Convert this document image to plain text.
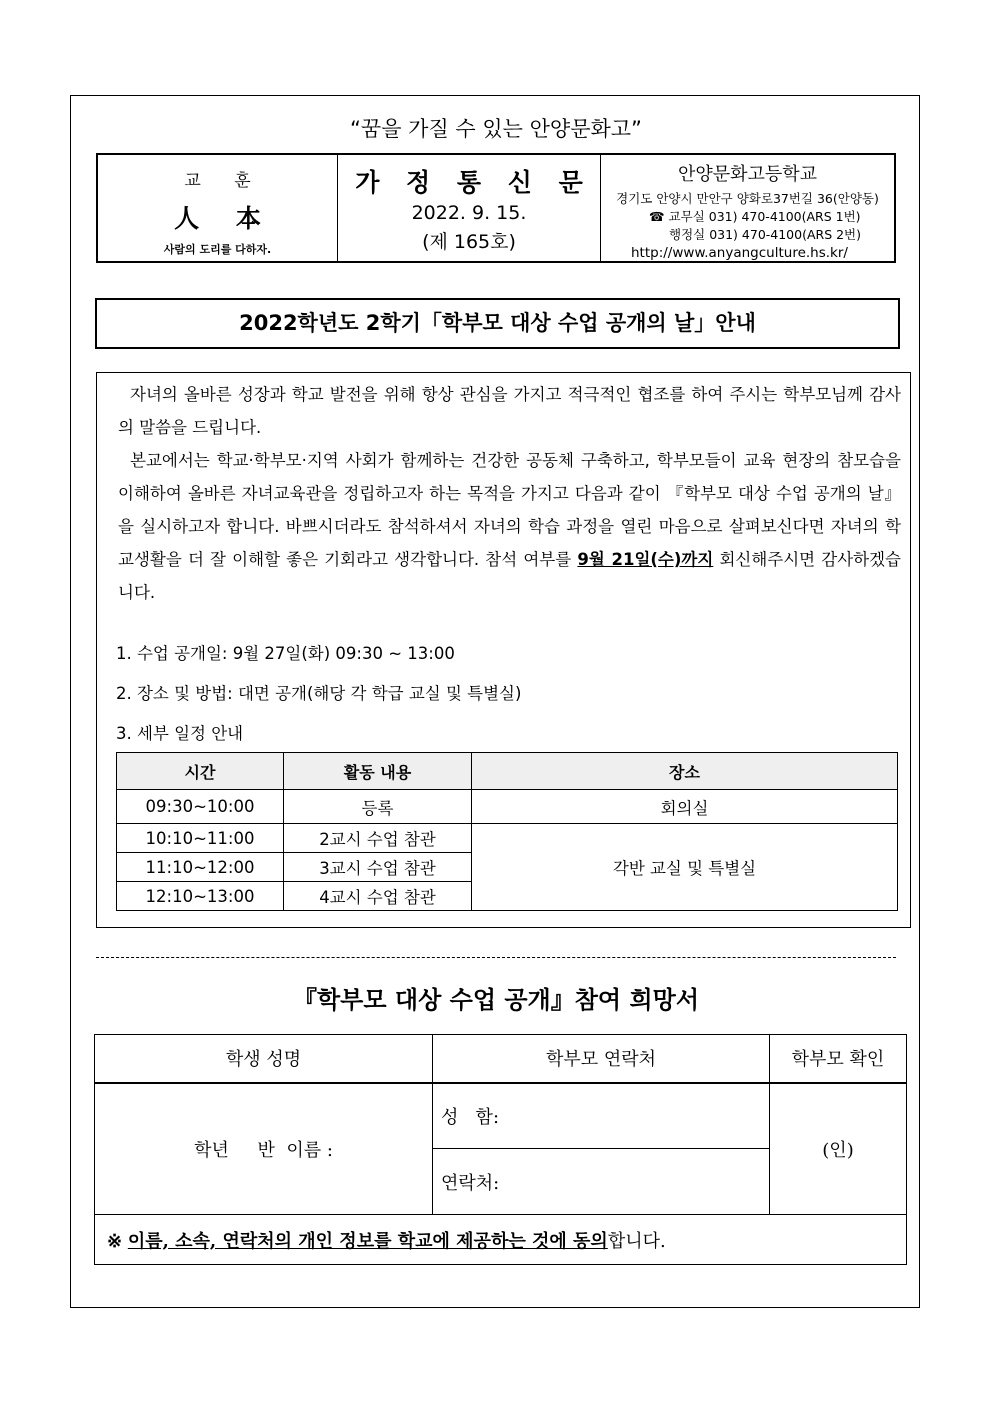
“꿈을 가질 수 있는 안양문화고”
교 훈
人 本
사람의 도리를 다하자.
가 정 통 신 문
2022. 9. 15.
(제 165호)
안양문화고등학교
경기도 안양시 만안구 양화로37번길 36(안양동)
☎ 교무실 031) 470-4100(ARS 1번)
행정실 031) 470-4100(ARS 2번)
http://www.anyangculture.hs.kr/
2022학년도 2학기「학부모 대상 수업 공개의 날」안내

자녀의 올바른 성장과 학교 발전을 위해 항상 관심을 가지고 적극적인 협조를 하여 주시는 학부모님께 감사의 말씀을 드립니다.

본교에서는 학교·학부모·지역 사회가 함께하는 건강한 공동체 구축하고, 학부모들이 교육 현장의 참모습을 이해하여 올바른 자녀교육관을 정립하고자 하는 목적을 가지고 다음과 같이 『학부모 대상 수업 공개의 날』을 실시하고자 합니다. 바쁘시더라도 참석하셔서 자녀의 학습 과정을 열린 마음으로 살펴보신다면 자녀의 학교생활을 더 잘 이해할 좋은 기회라고 생각합니다. 참석 여부를 9월 21일(수)까지 회신해주시면 감사하겠습니다.

1. 수업 공개일: 9월 27일(화) 09:30 ~ 13:00
2. 장소 및 방법: 대면 공개(해당 각 학급 교실 및 특별실)
3. 세부 일정 안내
시간	활동 내용	장소
09:30~10:00	등록	회의실
10:10~11:00	2교시 수업 참관	각반 교실 및 특별실
11:10~12:00	3교시 수업 참관	
12:10~13:00	4교시 수업 참관	
『학부모 대상 수업 공개』참여 희망서
학생 성명	학부모 연락처	학부모 확인
학년     반  이름 :	성   함:	(인)
	연락처:	
※ 이름, 소속, 연락처의 개인 정보를 학교에 제공하는 것에 동의합니다.		
